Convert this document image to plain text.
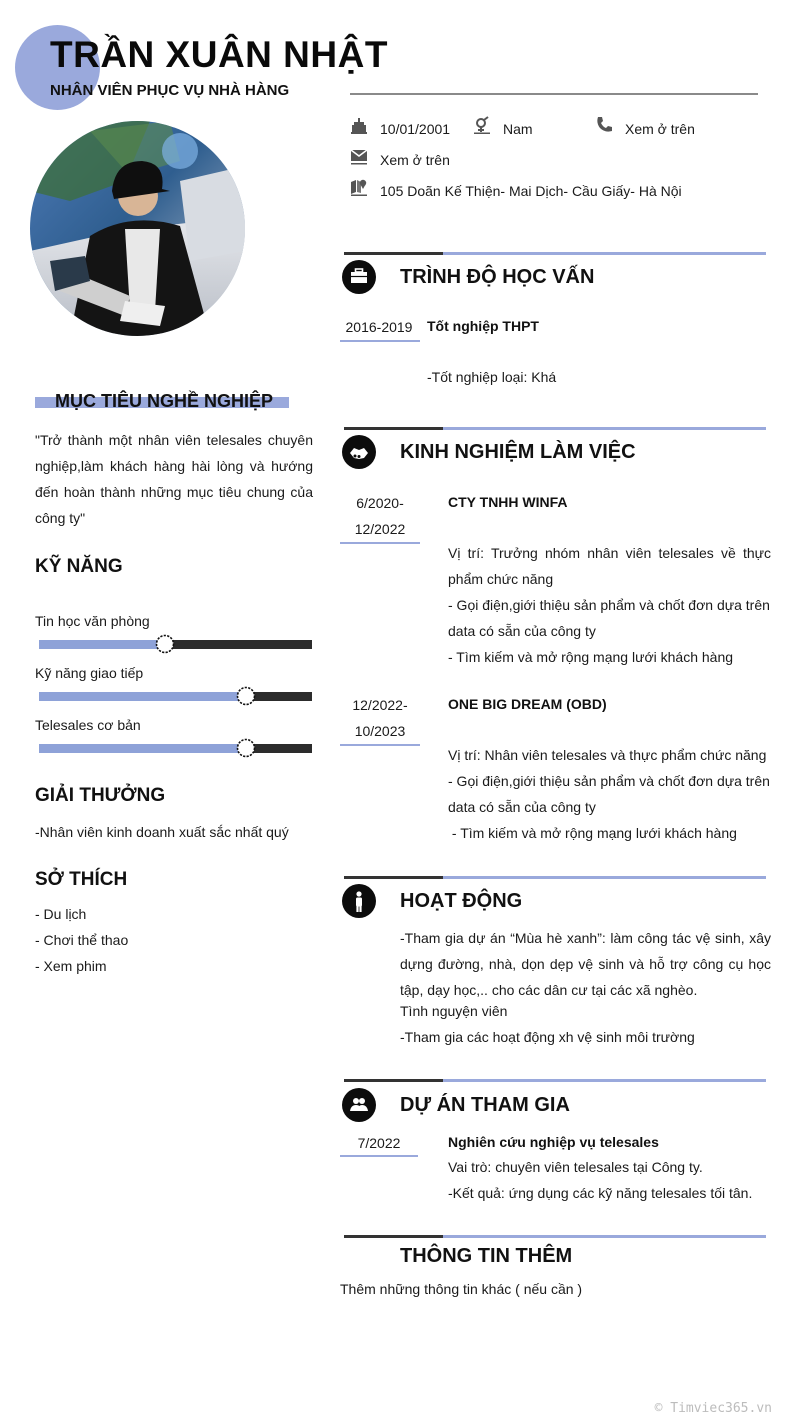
TRẦN XUÂN NHẬT
NHÂN VIÊN PHỤC VỤ NHÀ HÀNG
10/01/2001	Nam	Xem ở trên
Xem ở trên
105 Doãn Kế Thiện- Mai Dịch- Cầu Giấy- Hà Nội
MỤC TIÊU NGHỀ NGHIỆP
"Trở thành một nhân viên telesales chuyên nghiệp,làm khách hàng hài lòng và hướng đến hoàn thành những mục tiêu chung của công ty"
KỸ NĂNG
Tin học văn phòng
Kỹ năng giao tiếp
Telesales cơ bản
GIẢI THƯỞNG
-Nhân viên kinh doanh xuất sắc nhất quý
SỞ THÍCH
- Du lịch
- Chơi thể thao
- Xem phim
TRÌNH ĐỘ HỌC VẤN
2016-2019	Tốt nghiệp THPT
-Tốt nghiệp loại: Khá
KINH NGHIỆM LÀM VIỆC
6/2020-
12/2022
CTY TNHH WINFA
Vị trí: Trưởng nhóm nhân viên telesales về thực phẩm chức năng
- Gọi điện,giới thiệu sản phẩm và chốt đơn dựa trên data có sẵn của công ty
- Tìm kiếm và mở rộng mạng lưới khách hàng
12/2022-
10/2023
ONE BIG DREAM (OBD)
Vị trí: Nhân viên telesales và thực phẩm chức năng
- Gọi điện,giới thiệu sản phẩm và chốt đơn dựa trên data có sẵn của công ty
- Tìm kiếm và mở rộng mạng lưới khách hàng
HOẠT ĐỘNG
-Tham gia dự án “Mùa hè xanh”: làm công tác vệ sinh, xây dựng đường, nhà, dọn dẹp vệ sinh và hỗ trợ công cụ học tập, dạy học,.. cho các dân cư tại các xã nghèo.
Tình nguyện viên
-Tham gia các hoạt động xh vệ sinh môi trường
DỰ ÁN THAM GIA
7/2022	Nghiên cứu nghiệp vụ telesales
Vai trò: chuyên viên telesales tại Công ty.
-Kết quả: ứng dụng các kỹ năng telesales tối tân.
THÔNG TIN THÊM
Thêm những thông tin khác ( nếu cần )
© Timviec365.vn
